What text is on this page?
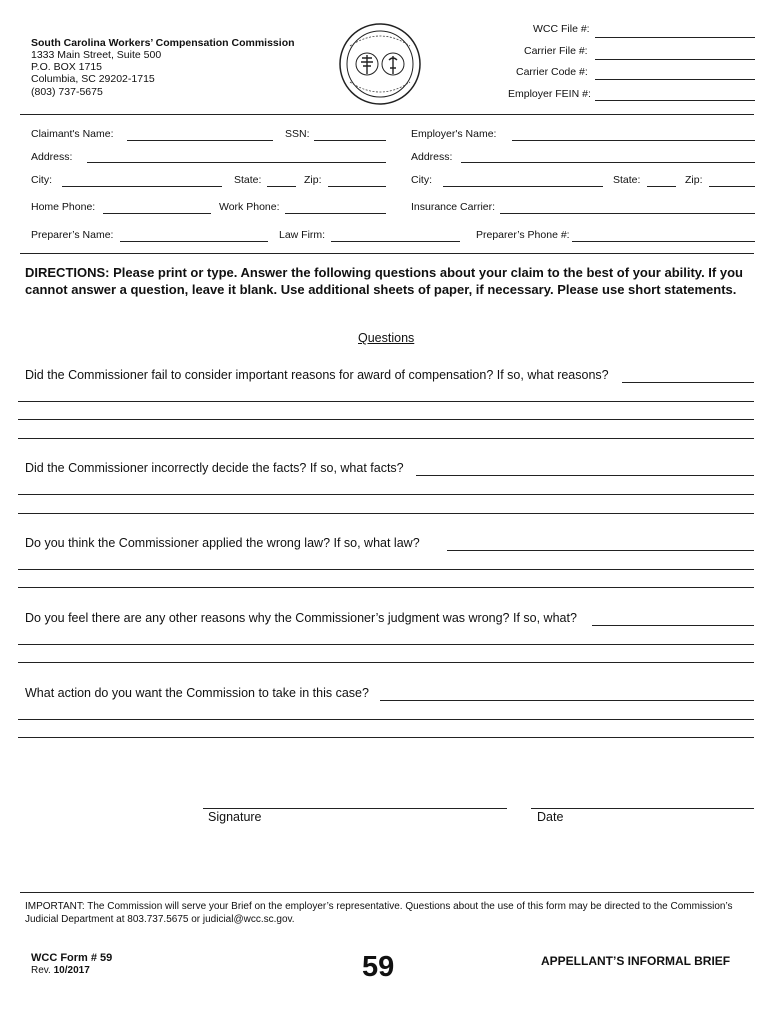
South Carolina Workers’ Compensation Commission
1333 Main Street, Suite 500
P.O. BOX 1715
Columbia, SC 29202-1715
(803) 737-5675
WCC File #:
Carrier File #:
Carrier Code #:
Employer FEIN #:
Claimant's Name:	SSN:	Employer's Name:
Address:	Address:
City:	State:	Zip:	City:	State:	Zip:
Home Phone:	Work Phone:	Insurance Carrier:
Preparer’s Name:	Law Firm:	Preparer’s Phone #:
DIRECTIONS: Please print or type. Answer the following questions about your claim to the best of your ability. If you cannot answer a question, leave it blank. Use additional sheets of paper, if necessary. Please use short statements.
Questions
Did the Commissioner fail to consider important reasons for award of compensation? If so, what reasons?
Did the Commissioner incorrectly decide the facts? If so, what facts?
Do you think the Commissioner applied the wrong law? If so, what law?
Do you feel there are any other reasons why the Commissioner’s judgment was wrong? If so, what?
What action do you want the Commission to take in this case?
Signature	Date
IMPORTANT: The Commission will serve your Brief on the employer’s representative. Questions about the use of this form may be directed to the Commission’s Judicial Department at 803.737.5675 or judicial@wcc.sc.gov.
WCC Form # 59
Rev. 10/2017	59	APPELLANT’S INFORMAL BRIEF
